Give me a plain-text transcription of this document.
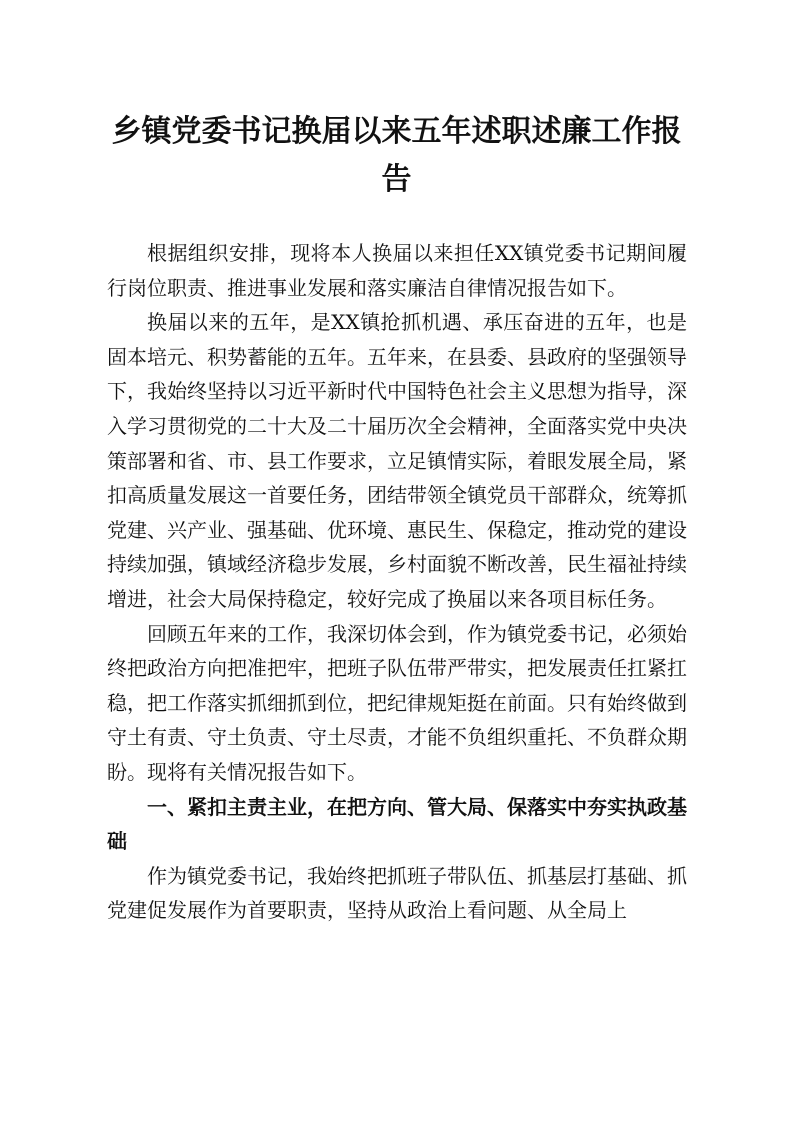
乡镇党委书记换届以来五年述职述廉工作报告

根据组织安排，现将本人换届以来担任XX镇党委书记期间履行岗位职责、推进事业发展和落实廉洁自律情况报告如下。

换届以来的五年，是XX镇抢抓机遇、承压奋进的五年，也是固本培元、积势蓄能的五年。五年来，在县委、县政府的坚强领导下，我始终坚持以习近平新时代中国特色社会主义思想为指导，深入学习贯彻党的二十大及二十届历次全会精神，全面落实党中央决策部署和省、市、县工作要求，立足镇情实际，着眼发展全局，紧扣高质量发展这一首要任务，团结带领全镇党员干部群众，统筹抓党建、兴产业、强基础、优环境、惠民生、保稳定，推动党的建设持续加强，镇域经济稳步发展，乡村面貌不断改善，民生福祉持续增进，社会大局保持稳定，较好完成了换届以来各项目标任务。

回顾五年来的工作，我深切体会到，作为镇党委书记，必须始终把政治方向把准把牢，把班子队伍带严带实，把发展责任扛紧扛稳，把工作落实抓细抓到位，把纪律规矩挺在前面。只有始终做到守土有责、守土负责、守土尽责，才能不负组织重托、不负群众期盼。现将有关情况报告如下。

一、紧扣主责主业，在把方向、管大局、保落实中夯实执政基础

作为镇党委书记，我始终把抓班子带队伍、抓基层打基础、抓党建促发展作为首要职责，坚持从政治上看问题、从全局上
